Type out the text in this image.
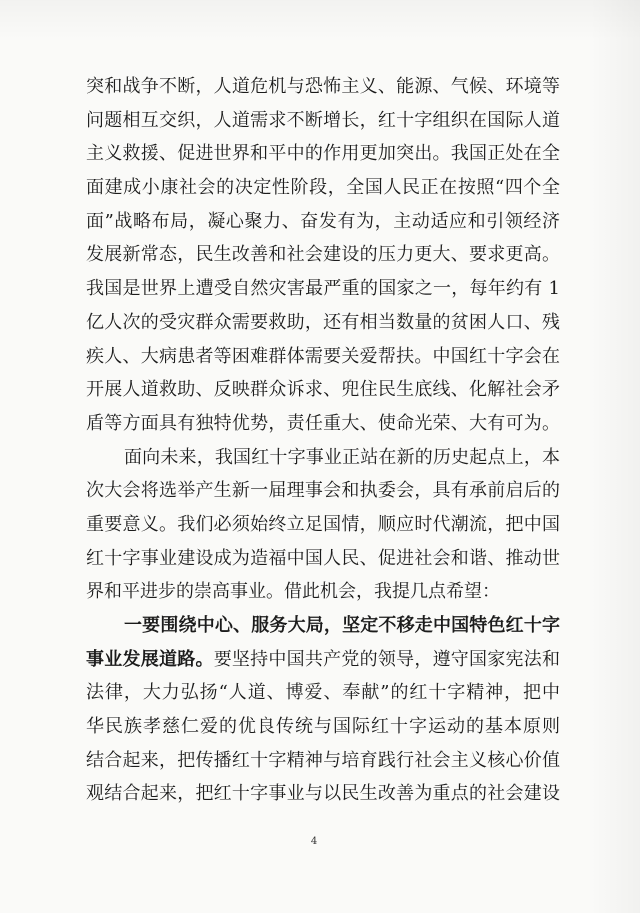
突和战争不断，人道危机与恐怖主义、能源、气候、环境等
问题相互交织，人道需求不断增长，红十字组织在国际人道
主义救援、促进世界和平中的作用更加突出。我国正处在全
面建成小康社会的决定性阶段，全国人民正在按照“四个全
面”战略布局，凝心聚力、奋发有为，主动适应和引领经济
发展新常态，民生改善和社会建设的压力更大、要求更高。
我国是世界上遭受自然灾害最严重的国家之一，每年约有 1
亿人次的受灾群众需要救助，还有相当数量的贫困人口、残
疾人、大病患者等困难群体需要关爱帮扶。中国红十字会在
开展人道救助、反映群众诉求、兜住民生底线、化解社会矛
盾等方面具有独特优势，责任重大、使命光荣、大有可为。
面向未来，我国红十字事业正站在新的历史起点上，本
次大会将选举产生新一届理事会和执委会，具有承前启后的
重要意义。我们必须始终立足国情，顺应时代潮流，把中国
红十字事业建设成为造福中国人民、促进社会和谐、推动世
界和平进步的崇高事业。借此机会，我提几点希望：
一要围绕中心、服务大局，坚定不移走中国特色红十字
事业发展道路。要坚持中国共产党的领导，遵守国家宪法和
法律，大力弘扬“人道、博爱、奉献”的红十字精神，把中
华民族孝慈仁爱的优良传统与国际红十字运动的基本原则
结合起来，把传播红十字精神与培育践行社会主义核心价值
观结合起来，把红十字事业与以民生改善为重点的社会建设
4
